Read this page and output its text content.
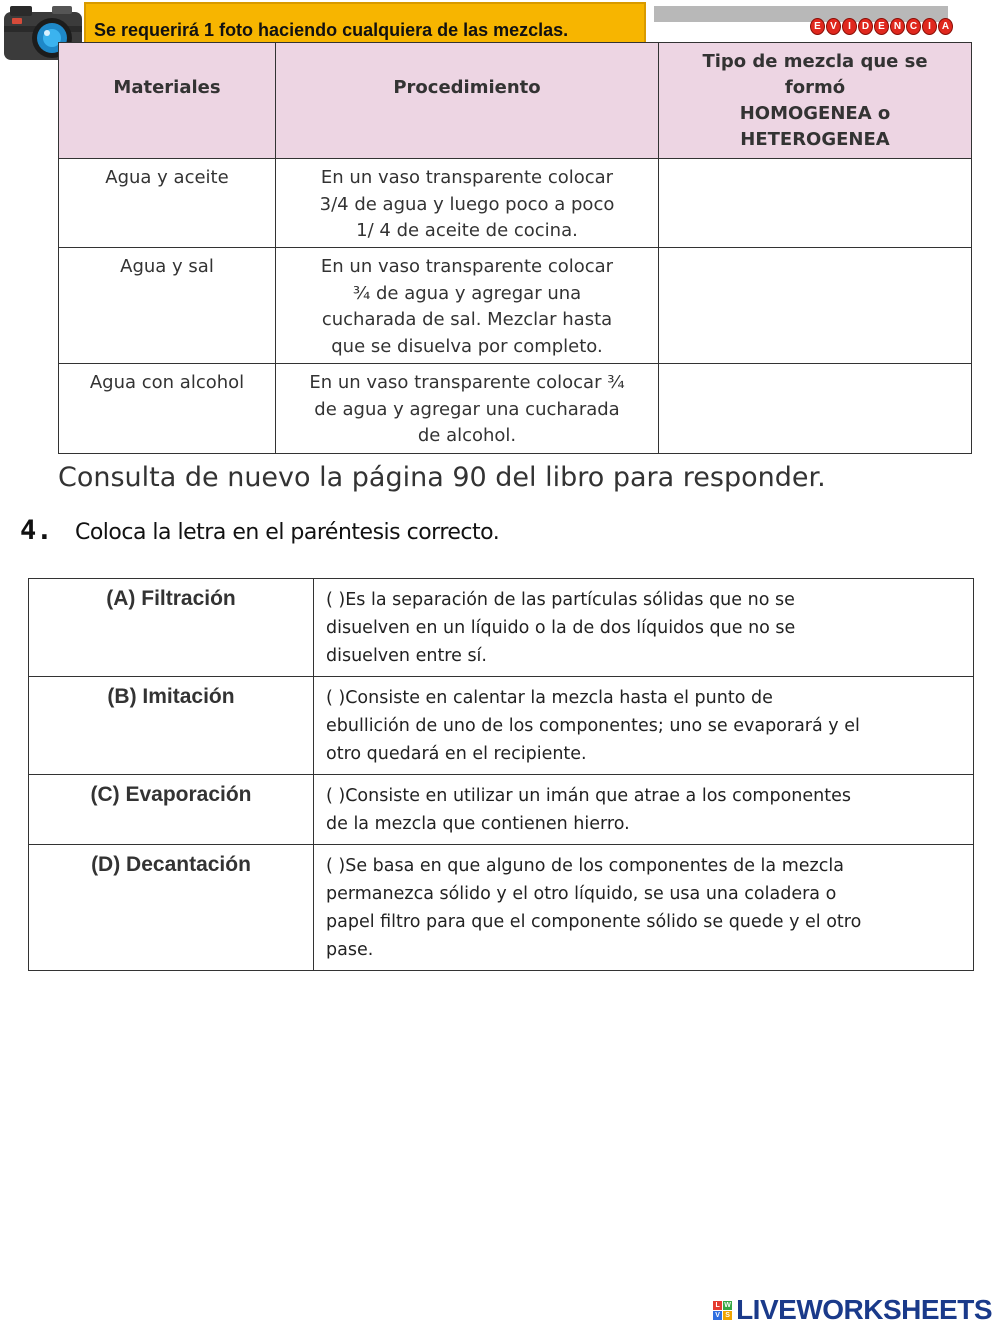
Se requerirá 1 foto haciendo cualquiera de las mezclas.	E V	I	D E N C	I	A
Materiales	Procedimiento	Tipo de mezcla que se
formó
HOMOGENEA o
HETEROGENEA

Agua y aceite	En un vaso transparente colocar
3/4 de agua y luego poco a poco
1/ 4 de aceite de cocina.	

Agua y sal	En un vaso transparente colocar
¾ de agua y agregar una
cucharada de sal. Mezclar hasta
que se disuelva por completo.	

Agua con alcohol	En un vaso transparente colocar ¾
de agua y agregar una cucharada
de alcohol.	

Consulta de nuevo la página 90 del libro para responder.
4. Coloca la letra en el paréntesis correcto.
(A) Filtración	( )Es la separación de las partículas sólidas que no se
disuelven en un líquido o la de dos líquidos que no se
disuelven entre sí.

(B) Imitación	( )Consiste en calentar la mezcla hasta el punto de
ebullición de uno de los componentes; uno se evaporará y el
otro quedará en el recipiente.

(C) Evaporación	( )Consiste en utilizar un imán que atrae a los componentes
de la mezcla que contienen hierro.

(D) Decantación	( )Se basa en que alguno de los componentes de la mezcla
permanezca sólido y el otro líquido, se usa una coladera o
papel filtro para que el componente sólido se quede y el otro
pase.
L W
V S LIVEWORKSHEETS
